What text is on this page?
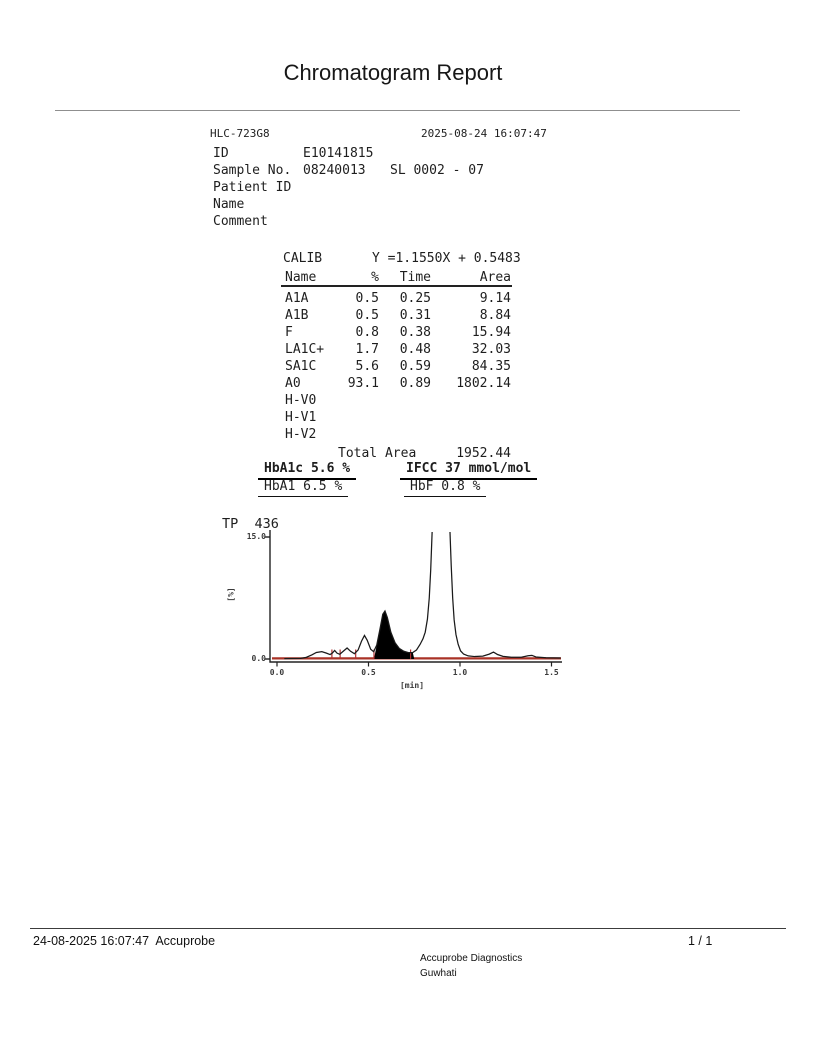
Chromatogram Report
HLC-723G8	2025-08-24 16:07:47
ID	E10141815
Sample No. 08240013 SL 0002 - 07
Patient ID
Name
Comment
CALIB	Y =1.1550X + 0.5483
Name	%	Time	Area
A1A	0.5	0.25	9.14
A1B	0.5	0.31	8.84
F	0.8	0.38	15.94
LA1C+	1.7	0.48	32.03
SA1C	5.6	0.59	84.35
A0	93.1	0.89	1802.14
H-V0
H-V1
H-V2
Total Area	1952.44
HbA1c 5.6 %	IFCC 37 mmol/mol
HbA1 6.5 %	HbF 0.8 %
TP  436
0.0	0.5	1.0	1.5
0.0
15.0
[%]
[min]
24-08-2025 16:07:47  Accuprobe	1 / 1
Accuprobe Diagnostics
Guwhati
